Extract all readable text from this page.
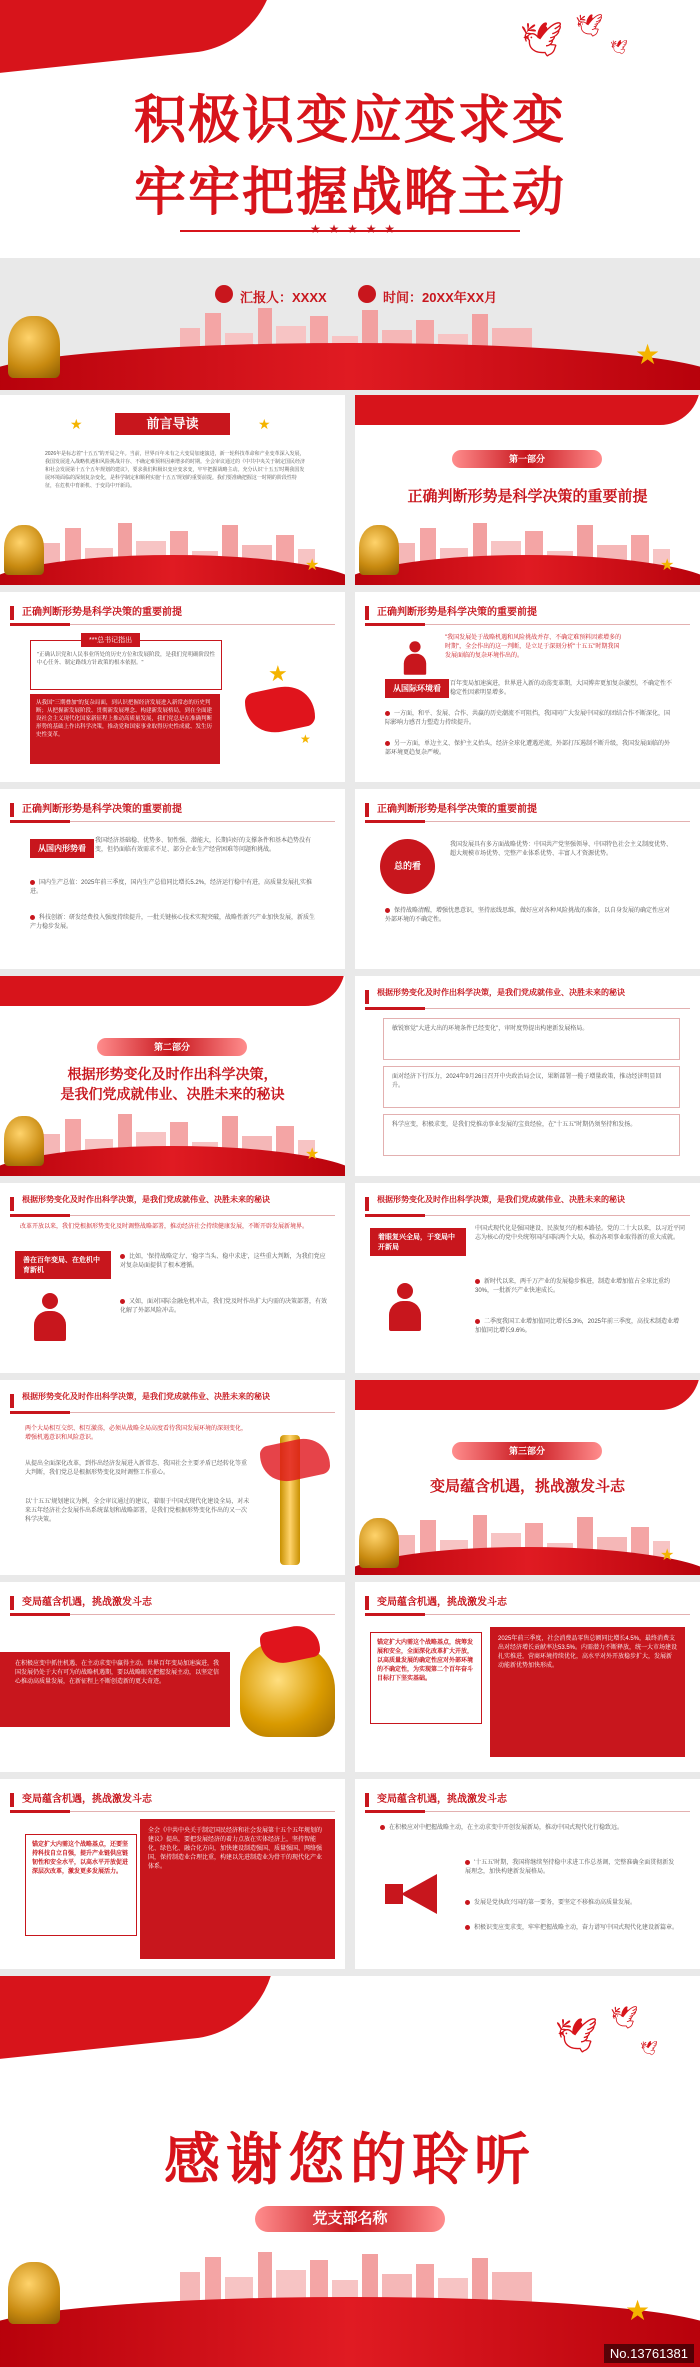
🕊 🕊
🕊
积极识变应变求变
牢牢把握战略主动
★ ★ ★ ★ ★
汇报人：XXXX	时间：20XX年XX月
★
★	★
前言导读
2026年是标志着"十五五"的开局之年。当前，世界百年未有之大变局加速演进，新一轮科技革命和产业变革深入发展，我国发展进入战略机遇和风险挑战并存、不确定难预料因素增多的时期。全会审议通过的《中共中央关于制定国民经济和社会发展第十五个五年规划的建议》，要求我们积极识变应变求变，牢牢把握战略主动。充分认识'十五五'时期我国发展环境面临的深刻复杂变化，是科学制定和顺利实施'十五五'规划的重要前提。我们要准确把握这一时期的阶段性特征，在危机中育新机、于变局中开新局。
★
第一部分
正确判断形势是科学决策的重要前提
★
正确判断形势是科学决策的重要前提
***总书记指出
"正确认识党和人民事业所处的历史方位和发展阶段，是我们党明确阶段性中心任务、制定路线方针政策的根本依据。"
从我国"三期叠加"的复杂局面，到认识把握经济发展进入新常态的历史判断；从把握新发展阶段、贯彻新发展理念、构建新发展格局，到在全面建设社会主义现代化国家新征程上推动高质量发展，我们党总是在准确判断形势的基础上作出科学决策，推动党和国家事业取得历史性成就、发生历史性变革。
★
★
正确判断形势是科学决策的重要前提
"我国发展处于战略机遇和风险挑战并存、不确定难预料因素增多的时期"，全会作出的这一判断，是立足于深刻分析"十五五"时期我国发展面临的复杂环境作出的。
从国际环境看	百年变局加速演进，世界进入新的动荡变革期，大国博弈更加复杂激烈，不确定性不稳定性因素明显增多。
一方面，和平、发展、合作、共赢的历史潮流不可阻挡，我国同广大发展中国家的团结合作不断深化，国际影响力感召力塑造力持续提升。
另一方面，单边主义、保护主义抬头，经济全球化遭遇逆流，外部打压遏制不断升级，我国发展面临的外部环境更趋复杂严峻。
正确判断形势是科学决策的重要前提
从国内形势看
我国经济基础稳、优势多、韧性强、潜能大，长期向好的支撑条件和基本趋势没有变，但仍面临有效需求不足、部分企业生产经营困难等问题和挑战。
国内生产总值：2025年前三季度，国内生产总值同比增长5.2%，经济运行稳中有进，高质量发展扎实推进。
科技创新：研发经费投入强度持续提升，一批关键核心技术实现突破，战略性新兴产业加快发展，新质生产力稳步发展。
正确判断形势是科学决策的重要前提
总的看
我国发展具有多方面战略优势：中国共产党坚强领导、中国特色社会主义制度优势、超大规模市场优势、完整产业体系优势、丰富人才资源优势。
保持战略清醒，增强忧患意识，坚持底线思维，做好应对各种风险挑战的准备，以自身发展的确定性应对外部环境的不确定性。
第二部分
根据形势变化及时作出科学决策，
是我们党成就伟业、决胜未来的秘诀
★
根据形势变化及时作出科学决策，是我们党成就伟业、决胜未来的秘诀
敏锐察觉"大进大出的环境条件已经变化"，审时度势提出构建新发展格局。
面对经济下行压力，2024年9月26日召开中央政治局会议，果断部署一揽子增量政策，推动经济明显回升。
科学应变，积极求变，是我们党推动事业发展的宝贵经验，在"十五五"时期仍须坚持和发扬。
根据形势变化及时作出科学决策，是我们党成就伟业、决胜未来的秘诀
改革开放以来，我们党根据形势变化及时调整战略部署，推动经济社会持续健康发展，不断开辟发展新境界。
善在百年变局、在危机中育新机
比如，'保持战略定力'、'稳字当头、稳中求进'，这些重大判断，为我们党应对复杂局面提供了根本遵循。
又如，面对国际金融危机冲击，我们党及时作出扩大内需的决策部署，有效化解了外部风险冲击。
根据形势变化及时作出科学决策，是我们党成就伟业、决胜未来的秘诀
着眼复兴全局，于变局中开新局
中国式现代化是强国建设、民族复兴的根本路径。党的二十大以来，以习近平同志为核心的党中央统筹国内国际两个大局，推动各项事业取得新的重大成就。
新时代以来，两千万产业的发展稳步推进，制造业增加值占全球比重约30%，一批新兴产业快速成长。
二季度我国工业增加值同比增长5.3%，2025年前三季度，高技术制造业增加值同比增长9.6%。
根据形势变化及时作出科学决策，是我们党成就伟业、决胜未来的秘诀
两个大局相互交织、相互激荡，必须从战略全局高度看待我国发展环境的深刻变化，增强机遇意识和风险意识。
从提出全面深化改革，到作出经济发展进入新常态、我国社会主要矛盾已经转化等重大判断，我们党总是根据形势变化及时调整工作重心。
以'十五五'规划建议为例，全会审议通过的建议，着眼于中国式现代化建设全局，对未来五年经济社会发展作出系统谋划和战略部署，是我们党根据形势变化作出的又一次科学决策。
第三部分
变局蕴含机遇，挑战激发斗志
★
变局蕴含机遇，挑战激发斗志
在积极应变中抓住机遇、在主动求变中赢得主动。世界百年变局加速演进，我国发展仍处于大有可为的战略机遇期，要以战略眼光把握发展主动，以坚定信心推动高质量发展，在新征程上不断创造新的更大奇迹。
变局蕴含机遇，挑战激发斗志
锚定扩大内需这个战略基点，统筹发展和安全，全面深化改革扩大开放，以高质量发展的确定性应对外部环境的不确定性，为实现第二个百年奋斗目标打下坚实基础。
2025年前三季度，社会消费品零售总额同比增长4.5%，最终消费支出对经济增长贡献率达53.5%。内需潜力不断释放，统一大市场建设扎实推进，营商环境持续优化，高水平对外开放稳步扩大，发展新动能新优势加快形成。
变局蕴含机遇，挑战激发斗志
锚定扩大内需这个战略基点，还要坚持科技自立自强，提升产业链供应链韧性和安全水平，以高水平开放促进深层次改革，激发更多发展活力。
全会《中共中央关于制定国民经济和社会发展第十五个五年规划的建议》提出，要把发展经济的着力点放在实体经济上，坚持智能化、绿色化、融合化方向，加快建设制造强国、质量强国、网络强国，保持制造业合理比重，构建以先进制造业为骨干的现代化产业体系。
变局蕴含机遇，挑战激发斗志
在积极应对中把握战略主动，在主动求变中开创发展新局，推动中国式现代化行稳致远。
'十五五'时期，我国将继续坚持稳中求进工作总基调，完整准确全面贯彻新发展理念，加快构建新发展格局。
发展是党执政兴国的第一要务，要坚定不移推动高质量发展。
积极识变应变求变，牢牢把握战略主动，奋力谱写中国式现代化建设新篇章。
🕊 🕊
🕊
感谢您的聆听
党支部名称
★
No.13761381
